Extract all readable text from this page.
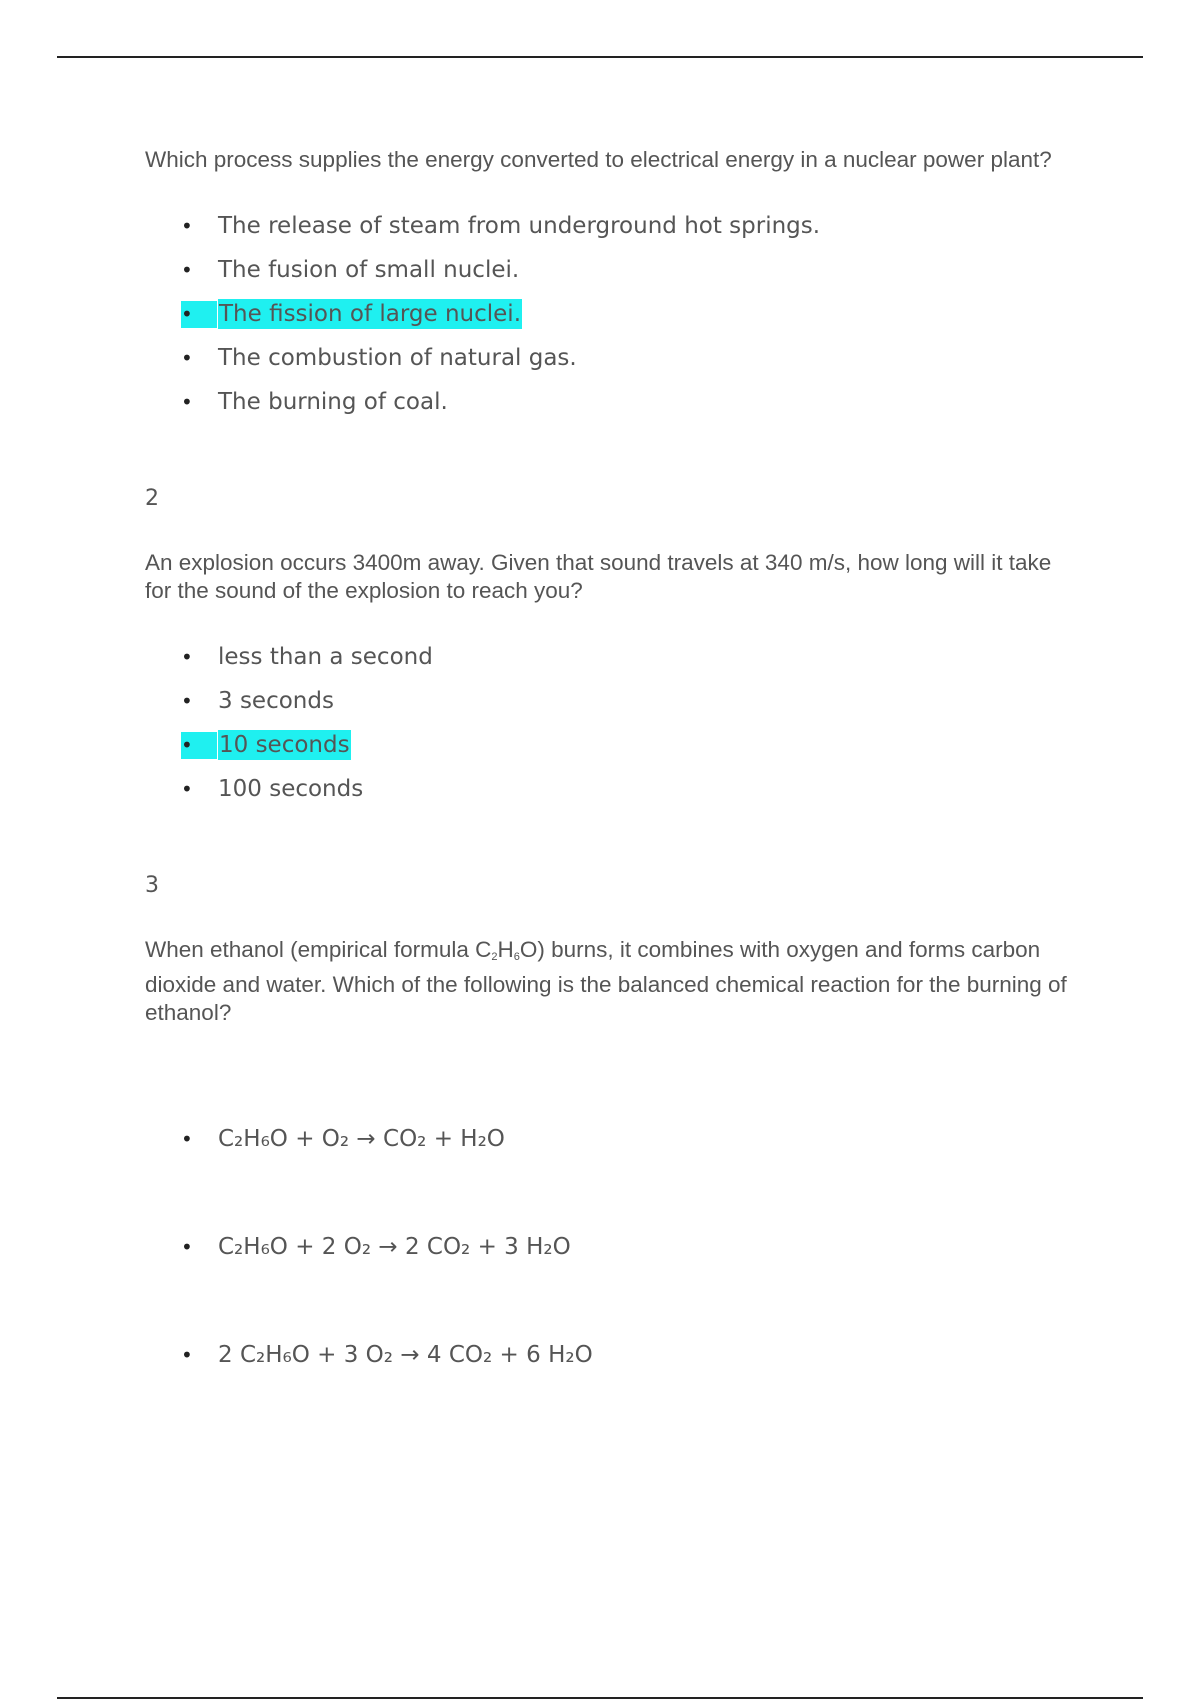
Which process supplies the energy converted to electrical energy in a nuclear power plant?

• The release of steam from underground hot springs.
• The fusion of small nuclei.
• The fission of large nuclei.
• The combustion of natural gas.
• The burning of coal.

2

An explosion occurs 3400m away. Given that sound travels at 340 m/s, how long will it take for the sound of the explosion to reach you?

• less than a second
• 3 seconds
• 10 seconds
• 100 seconds

3

When ethanol (empirical formula $C_2H_6O$) burns, it combines with oxygen and forms carbon dioxide and water. Which of the following is the balanced chemical reaction for the burning of ethanol?

• C₂H₆O + O₂ → CO₂ + H₂O
• C₂H₆O + 2 O₂ → 2 CO₂ + 3 H₂O
• 2 C₂H₆O + 3 O₂ → 4 CO₂ + 6 H₂O
